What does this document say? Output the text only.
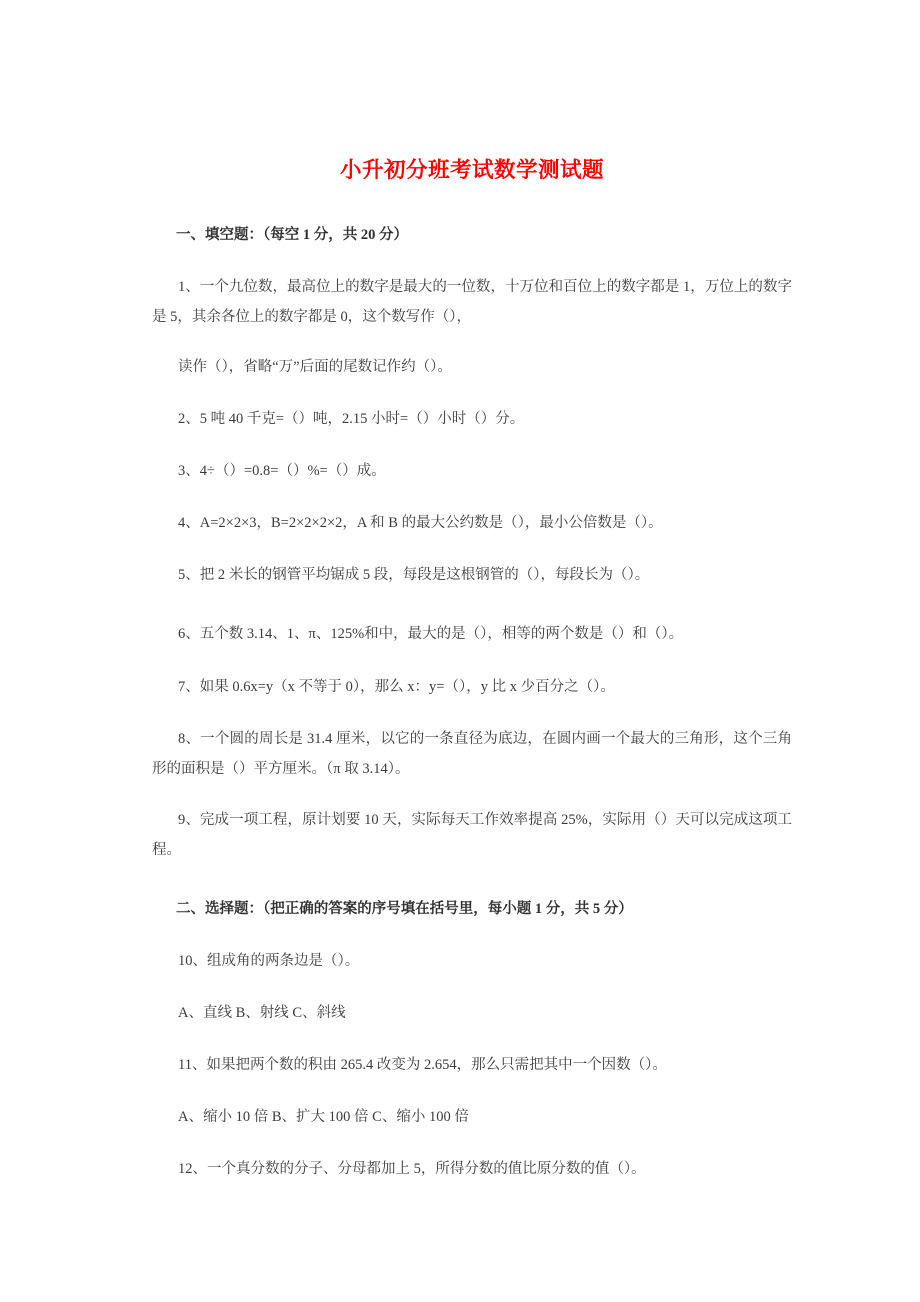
小升初分班考试数学测试题
一、填空题：（每空 1 分，共 20 分）
1、一个九位数，最高位上的数字是最大的一位数，十万位和百位上的数字都是 1，万位上的数字是 5，其余各位上的数字都是 0，这个数写作（），
读作（），省略“万”后面的尾数记作约（）。
2、5 吨 40 千克=（）吨，2.15 小时=（）小时（）分。
3、4÷（）=0.8=（）%=（）成。
4、A=2×2×3，B=2×2×2×2，A 和 B 的最大公约数是（），最小公倍数是（）。
5、把 2 米长的钢管平均锯成 5 段，每段是这根钢管的（），每段长为（）。
6、五个数 3.14、1、π、125%和中，最大的是（），相等的两个数是（）和（）。
7、如果 0.6x=y（x 不等于 0），那么 x：y=（），y 比 x 少百分之（）。
8、一个圆的周长是 31.4 厘米，以它的一条直径为底边，在圆内画一个最大的三角形，这个三角形的面积是（）平方厘米。（π 取 3.14）。
9、完成一项工程，原计划要 10 天，实际每天工作效率提高 25%，实际用（）天可以完成这项工程。
二、选择题：（把正确的答案的序号填在括号里，每小题 1 分，共 5 分）
10、组成角的两条边是（）。
A、直线 B、射线 C、斜线
11、如果把两个数的积由 265.4 改变为 2.654，那么只需把其中一个因数（）。
A、缩小 10 倍 B、扩大 100 倍 C、缩小 100 倍
12、一个真分数的分子、分母都加上 5，所得分数的值比原分数的值（）。
